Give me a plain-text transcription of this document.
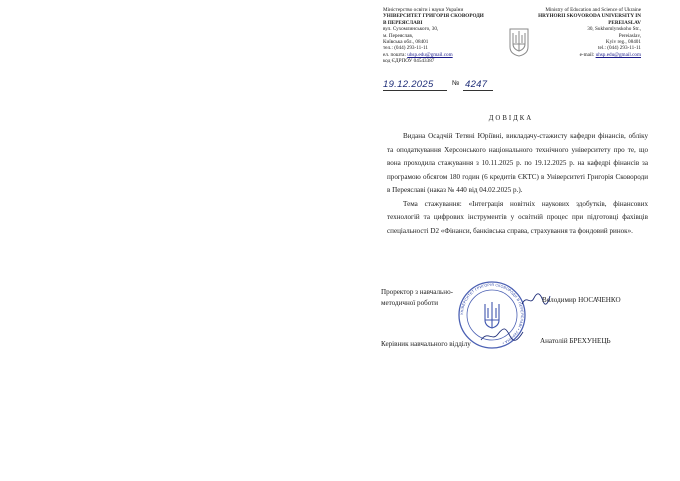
Міністерство освіти і науки України
УНІВЕРСИТЕТ ГРИГОРІЯ СКОВОРОДИ
В ПЕРЕЯСЛАВІ
вул. Сухомлинського, 30,
м. Переяслав,
Київська обл., 08401
тел.: (044) 293-11-11
ел. пошта: uhsp.edu@gmail.com
код ЄДРПОУ 04543387
Ministry of Education and Science of Ukraine
HRYHORII SKOVORODA UNIVERSITY IN
PEREIASLAV
30, Sukhomlynskoho Str.,
Pereiaslav,
Kyiv reg., 08401
tel.: (044) 293-11-11
e-mail: uhsp.edu@gmail.com
19.12.2025	№ 4247
ДОВІДКА

Видана Осадчій Тетяні Юріївні, викладачу-стажисту кафедри фінансів, обліку та оподаткування Херсонського національного технічного університету про те, що вона проходила стажування з 10.11.2025 р. по 19.12.2025 р. на кафедрі фінансів за програмою обсягом 180 годин (6 кредитів ЄКТС) в Університеті Григорія Сковороди в Переяславі (наказ № 440 від 04.02.2025 р.).

Тема стажування: «Інтеграція новітніх наукових здобутків, фінансових технологій та цифрових інструментів у освітній процес при підготовці фахівців спеціальності D2 «Фінанси, банківська справа, страхування та фондовий ринок».

УНІВЕРСИТЕТ ГРИГОРІЯ СКОВОРОДИ В ПЕРЕЯСЛАВІ • УКРАЇНА •
Проректор з навчально-методичної роботи	Володимир НОСАЧЕНКО
Керівник навчального відділу	Анатолій БРЕХУНЕЦЬ
